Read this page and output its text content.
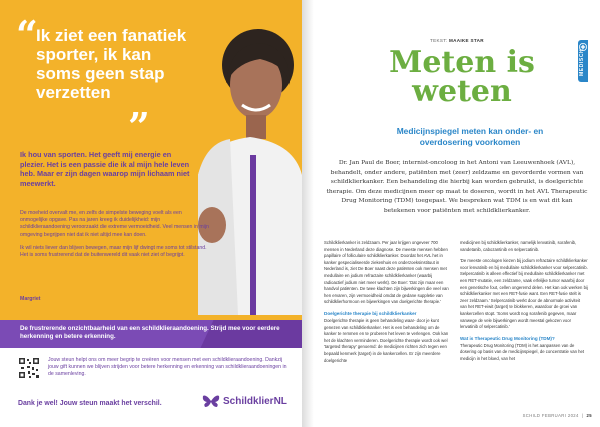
“
Ik ziet een fanatiek sporter, ik kan soms geen stap verzetten
”
Ik hou van sporten. Het geeft mij energie en plezier. Het is een passie die ik al mijn hele leven heb. Maar er zijn dagen waarop mijn lichaam niet meewerkt.

De moeheid overvalt me, en zelfs de simpelste beweging voelt als een onmogelijke opgave. Pas na jaren kreeg ik duidelijkheid: mijn schildklieraandoening veroorzaakt die extreme vermoeidheid. Veel mensen in mijn omgeving begrijpen niet dat ik niet altijd mee kan doen.

Ik wil niets liever dan blijven bewegen, maar mijn lijf dwingt me soms tot stilstand. Het is soms frustrerend dat de buitenwereld dit vaak niet ziet of begrijpt.

Margriet
De frustrerende onzichtbaarheid van een schildklieraandoening. Strijd mee voor eerdere herkenning en betere erkenning.
Jouw steun helpt ons om meer begrip te creëren voor mensen met een schildklieraandoening. Dankzij jouw gift kunnen we blijven strijden voor betere herkenning en erkenning van schildklieraandoeningen in de samenleving.
Dank je wel! Jouw steun maakt het verschil.	SchildklierNL
TEKST: MAAIKE STAR
MEDISCH
Meten is
weten
Medicijnspiegel meten kan onder- en overdosering voorkomen
Dr. Jan Paul de Boer, internist-oncoloog in het Antoni van Leeuwenhoek (AVL), behandelt, onder andere, patiënten met (zeer) zeldzame en gevorderde vormen van schildklierkanker. Een behandeling die hierbij kan worden gebruikt, is doelgerichte therapie. Om deze medicijnen meer op maat te doseren, wordt in het AVL Therapeutic Drug Monitoring (TDM) toegepast. We bespreken wat TDM is en wat dit kan betekenen voor patiënten met schildklierkanker.

Schildklierkanker is zeldzaam. Per jaar krijgen ongeveer 700 mensen in Nederland deze diagnose. De meeste mensen hebben papillaire of folliculaire schildklierkanker. Doordat het AVL het in kanker gespecialiseerde ziekenhuis en onderzoeksinstituut in Nederland is, ziet De Boer naast deze patiënten ook mensen met medullaire en jodium refractaire schildklierkanker (waarbij radioactief jodium niet meer werkt). De Boer: 'Dat zijn maar een handvol patiënten. De twee klachten zijn bijwerkingen die veel van hen ervaren, zijn vermoeidheid omdat de gedane suppletie van schildklierhormoon en bijwerkingen van doelgerichte therapie.'

Doelgerichte therapie bij schildklierkanker

Doelgerichte therapie is geen behandeling waar- door je kunt genezen van schildklierkanker. Het is een behandeling om de kanker te remmen en te proberen het leven te verlengen. Ook kan het de klachten verminderen. Doelgerichte therapie wordt ook wel 'targeted therapy' genoemd: de medicijnen richten zich tegen een bepaald kenmerk (target) in de kankercellen. Er zijn meerdere doelgerichte

medicijnen bij schildklierkanker, namelijk lenvatinib, sorafenib, vandetanib, cabozantinib en selpercatinib.

'De meeste oncologen kiezen bij jodium refractaire schildklierkanker voor lenvatinib en bij medullaire schildklierkanker voor selpercatinib. Selpercatinib is alleen effectief bij medullaire schildklierkanker met een RET-mutatie, een zeldzame, vaak erfelijke tumor waarbij door een genetische fout, cellen ongeremd delen. Het kan ook werken bij schildklierkanker met een RET-fusie want. Een RET-fusie stelt is zeer zeldzaam.' Selpercatinib werkt door de abnormale activiteit van het RET-eiwit (target) te blokkeren, waardoor de groei van kankercellen stopt. 'Soms wordt nog sorafenib gegeven, maar vanwege de vele bijwerkingen wordt meestal gekozen voor lenvatinib of selpercatinib.'

Wat is Therapeutic Drug Monitoring (TDM)?

Therapeutic Drug Monitoring (TDM) is het aanpassen van de dosering op basis van de medicijnspiegel, de concentratie van het medicijn in het bloed, van het

SCHILD FEBRUARI 2024  |  25
